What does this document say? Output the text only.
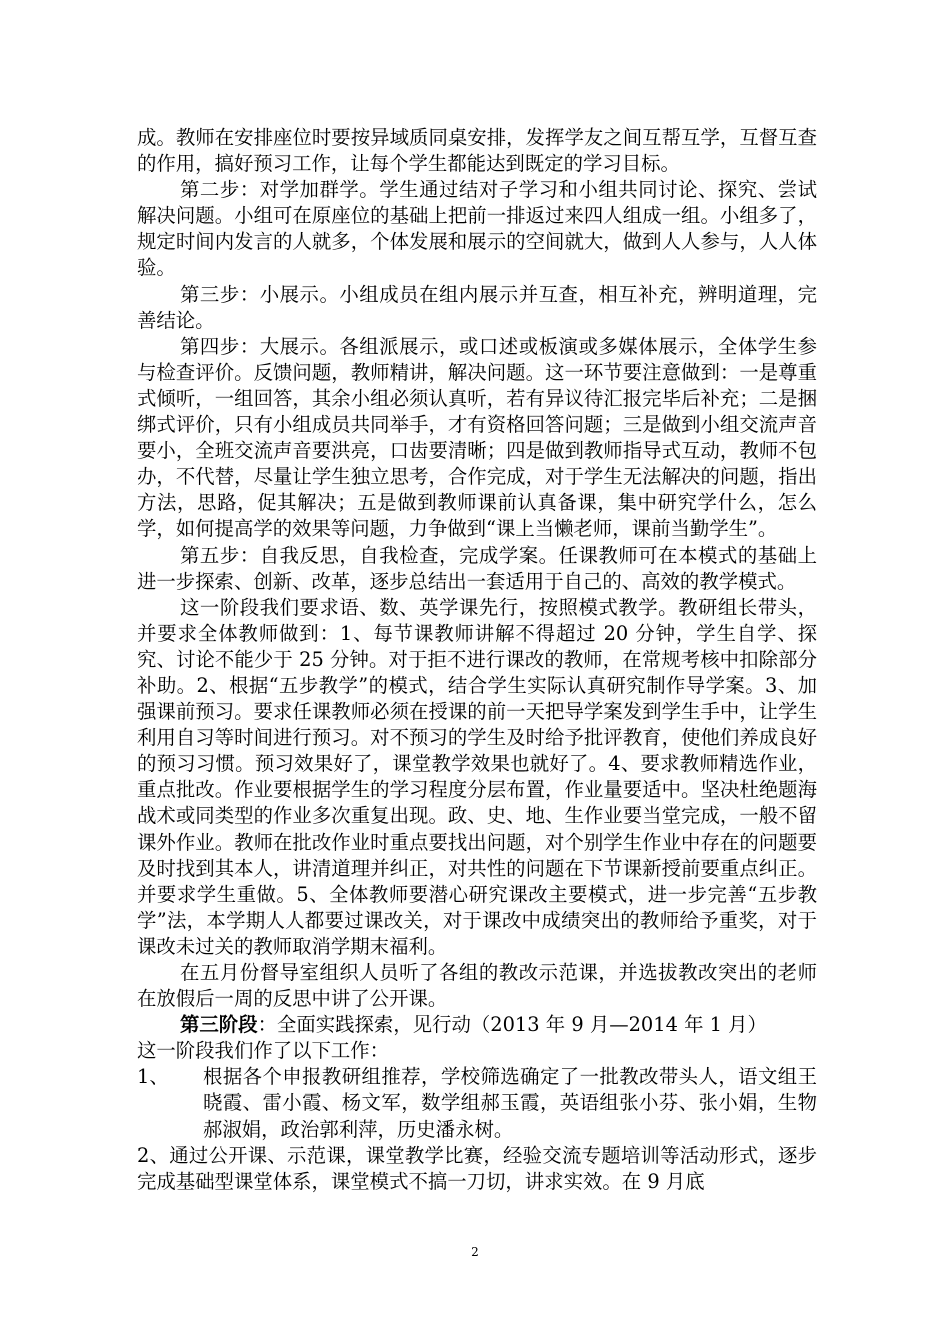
成。教师在安排座位时要按异域质同桌安排，发挥学友之间互帮互学，互督互查的作用，搞好预习工作，让每个学生都能达到既定的学习目标。

第二步：对学加群学。学生通过结对子学习和小组共同讨论、探究、尝试解决问题。小组可在原座位的基础上把前一排返过来四人组成一组。小组多了，规定时间内发言的人就多，个体发展和展示的空间就大，做到人人参与，人人体验。

第三步：小展示。小组成员在组内展示并互查，相互补充，辨明道理，完善结论。

第四步：大展示。各组派展示，或口述或板演或多媒体展示，全体学生参与检查评价。反馈问题，教师精讲，解决问题。这一环节要注意做到：一是尊重式倾听，一组回答，其余小组必须认真听，若有异议待汇报完毕后补充；二是捆绑式评价，只有小组成员共同举手，才有资格回答问题；三是做到小组交流声音要小，全班交流声音要洪亮，口齿要清晰；四是做到教师指导式互动，教师不包办，不代替，尽量让学生独立思考，合作完成，对于学生无法解决的问题，指出方法，思路，促其解决；五是做到教师课前认真备课，集中研究学什么，怎么学，如何提高学的效果等问题，力争做到“课上当懒老师，课前当勤学生”。

第五步：自我反思，自我检查，完成学案。任课教师可在本模式的基础上进一步探索、创新、改革，逐步总结出一套适用于自己的、高效的教学模式。

这一阶段我们要求语、数、英学课先行，按照模式教学。教研组长带头，并要求全体教师做到：1、每节课教师讲解不得超过 20 分钟，学生自学、探究、讨论不能少于 25 分钟。对于拒不进行课改的教师，在常规考核中扣除部分补助。2、根据“五步教学”的模式，结合学生实际认真研究制作导学案。3、加强课前预习。要求任课教师必须在授课的前一天把导学案发到学生手中，让学生利用自习等时间进行预习。对不预习的学生及时给予批评教育，使他们养成良好的预习习惯。预习效果好了，课堂教学效果也就好了。4、要求教师精选作业，重点批改。作业要根据学生的学习程度分层布置，作业量要适中。坚决杜绝题海战术或同类型的作业多次重复出现。政、史、地、生作业要当堂完成，一般不留课外作业。教师在批改作业时重点要找出问题，对个别学生作业中存在的问题要及时找到其本人，讲清道理并纠正，对共性的问题在下节课新授前要重点纠正。并要求学生重做。5、全体教师要潜心研究课改主要模式，进一步完善“五步教学”法，本学期人人都要过课改关，对于课改中成绩突出的教师给予重奖，对于课改未过关的教师取消学期末福利。

在五月份督导室组织人员听了各组的教改示范课，并选拔教改突出的老师在放假后一周的反思中讲了公开课。

第三阶段：全面实践探索，见行动（2013 年 9 月—2014 年 1 月）

这一阶段我们作了以下工作：

1、	根据各个申报教研组推荐，学校筛选确定了一批教改带头人，语文组王晓霞、雷小霞、杨文军，数学组郝玉霞，英语组张小芬、张小娟，生物郝淑娟，政治郭利萍，历史潘永树。

2、通过公开课、示范课，课堂教学比赛，经验交流专题培训等活动形式，逐步完成基础型课堂体系，课堂模式不搞一刀切，讲求实效。在 9 月底

2
